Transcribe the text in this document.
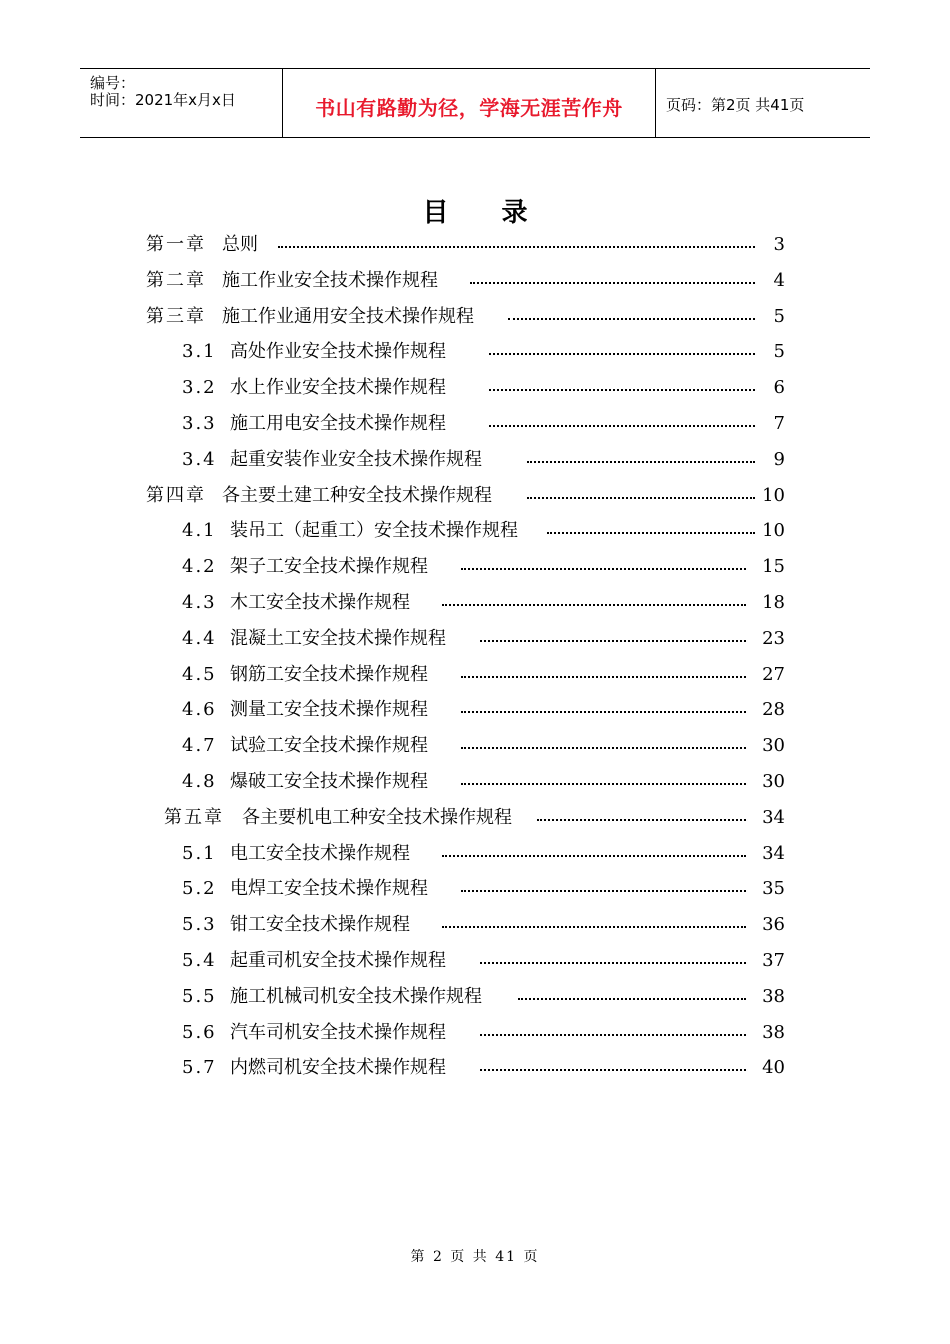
编号：
时间：2021年x月x日	书山有路勤为径，学海无涯苦作舟	页码：第2页 共41页
目 录
第一章 总则	3
第二章 施工作业安全技术操作规程	4
第三章 施工作业通用安全技术操作规程	5
3.1 高处作业安全技术操作规程	5
3.2 水上作业安全技术操作规程	6
3.3 施工用电安全技术操作规程	7
3.4 起重安装作业安全技术操作规程	9
第四章 各主要土建工种安全技术操作规程	10
4.1 装吊工（起重工）安全技术操作规程	10
4.2 架子工安全技术操作规程	15
4.3 木工安全技术操作规程	18
4.4 混凝土工安全技术操作规程	23
4.5 钢筋工安全技术操作规程	27
4.6 测量工安全技术操作规程	28
4.7 试验工安全技术操作规程	30
4.8 爆破工安全技术操作规程	30
第五章 各主要机电工种安全技术操作规程	34
5.1 电工安全技术操作规程	34
5.2 电焊工安全技术操作规程	35
5.3 钳工安全技术操作规程	36
5.4 起重司机安全技术操作规程	37
5.5 施工机械司机安全技术操作规程	38
5.6 汽车司机安全技术操作规程	38
5.7 内燃司机安全技术操作规程	40
第 2 页 共 41 页
